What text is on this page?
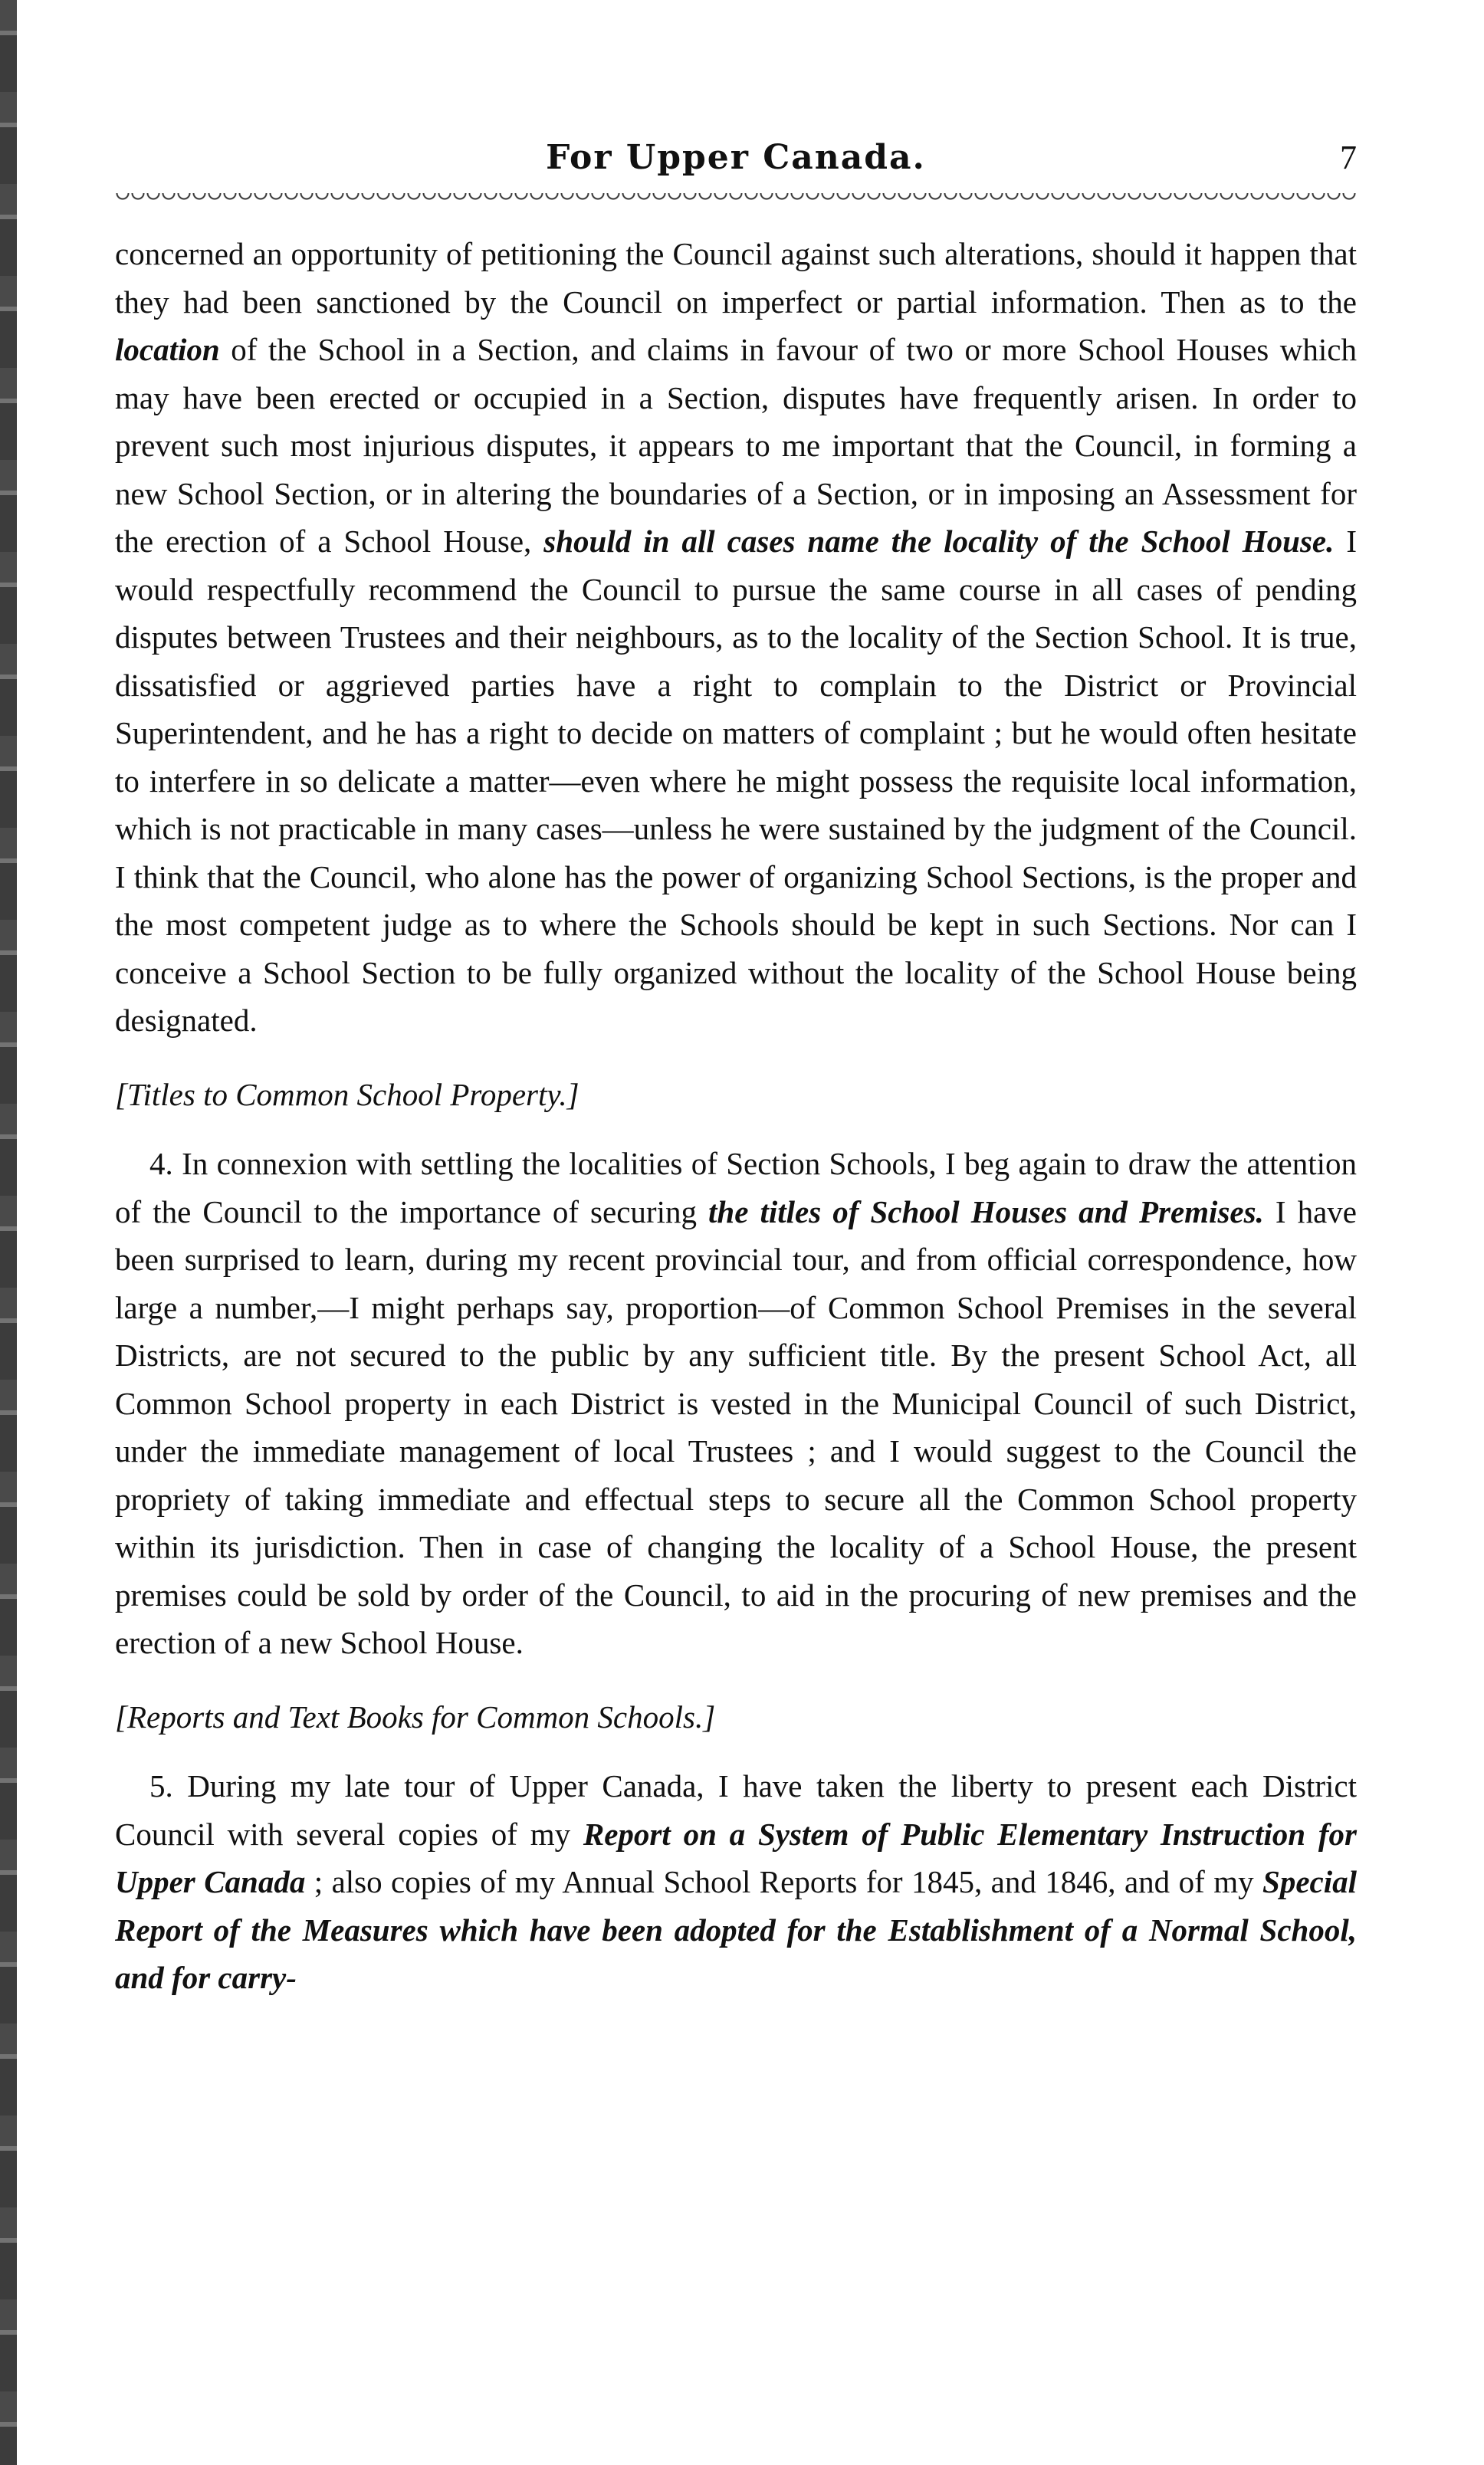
For Upper Canada.	7

concerned an opportunity of petitioning the Council against such alterations, should it happen that they had been sanctioned by the Council on imperfect or partial information. Then as to the location of the School in a Section, and claims in favour of two or more School Houses which may have been erected or occupied in a Section, disputes have frequently arisen. In order to prevent such most injurious disputes, it appears to me important that the Council, in forming a new School Section, or in altering the boundaries of a Section, or in imposing an Assessment for the erection of a School House, should in all cases name the locality of the School House. I would respectfully recommend the Council to pursue the same course in all cases of pending disputes between Trustees and their neighbours, as to the locality of the Section School. It is true, dissatisfied or aggrieved parties have a right to complain to the District or Provincial Superintendent, and he has a right to decide on matters of complaint ; but he would often hesitate to interfere in so delicate a matter—even where he might possess the requisite local information, which is not practicable in many cases—unless he were sustained by the judgment of the Council. I think that the Council, who alone has the power of organizing School Sections, is the proper and the most competent judge as to where the Schools should be kept in such Sections. Nor can I conceive a School Section to be fully organized without the locality of the School House being designated.

[Titles to Common School Property.]

4. In connexion with settling the localities of Section Schools, I beg again to draw the attention of the Council to the importance of securing the titles of School Houses and Premises. I have been surprised to learn, during my recent provincial tour, and from official correspondence, how large a number,—I might perhaps say, proportion—of Common School Premises in the several Districts, are not secured to the public by any sufficient title. By the present School Act, all Common School property in each District is vested in the Municipal Council of such District, under the immediate management of local Trustees ; and I would suggest to the Council the propriety of taking immediate and effectual steps to secure all the Common School property within its jurisdiction. Then in case of changing the locality of a School House, the present premises could be sold by order of the Council, to aid in the procuring of new premises and the erection of a new School House.

[Reports and Text Books for Common Schools.]

5. During my late tour of Upper Canada, I have taken the liberty to present each District Council with several copies of my Report on a System of Public Elementary Instruction for Upper Canada ; also copies of my Annual School Reports for 1845, and 1846, and of my Special Report of the Measures which have been adopted for the Establishment of a Normal School, and for carry-
